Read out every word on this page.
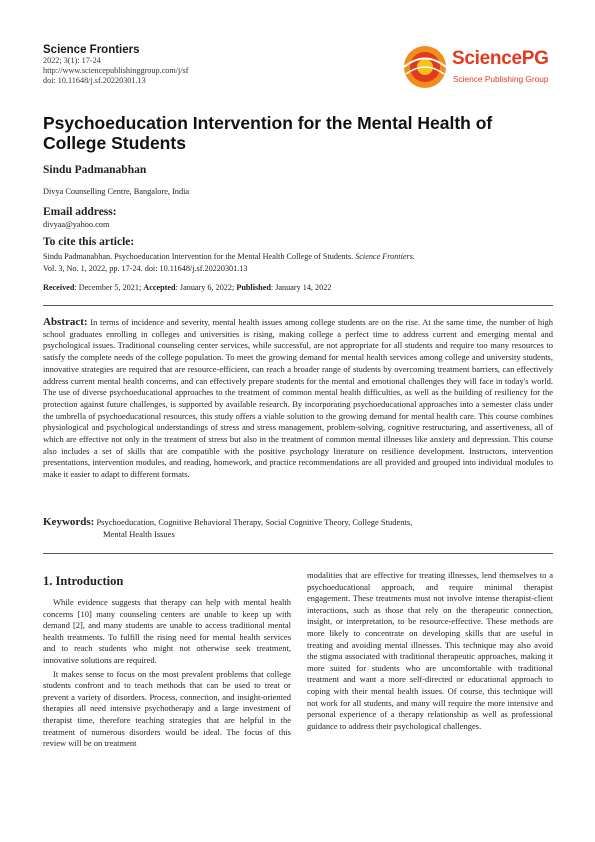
Science Frontiers
2022; 3(1): 17-24
http://www.sciencepublishinggroup.com/j/sf
doi: 10.11648/j.sf.20220301.13
SciencePG
Science Publishing Group
Psychoeducation Intervention for the Mental Health of College Students
Sindu Padmanabhan
Divya Counselling Centre, Bangalore, India
Email address:
divyaa@yahoo.com
To cite this article:
Sindu Padmanabhan. Psychoeducation Intervention for the Mental Health College of Students. Science Frontiers.
Vol. 3, No. 1, 2022, pp. 17-24. doi: 10.11648/j.sf.20220301.13
Received: December 5, 2021; Accepted: January 6, 2022; Published: January 14, 2022
Abstract: In terms of incidence and severity, mental health issues among college students are on the rise. At the same time, the number of high school graduates enrolling in colleges and universities is rising, making college a perfect time to address current and emerging mental and psychological issues. Traditional counseling center services, while successful, are not appropriate for all students and require too many resources to satisfy the complete needs of the college population. To meet the growing demand for mental health services among college and university students, innovative strategies are required that are resource-efficient, can reach a broader range of students by overcoming treatment barriers, can effectively address current mental health concerns, and can effectively prepare students for the mental and emotional challenges they will face in today's world. The use of diverse psychoeducational approaches to the treatment of common mental health difficulties, as well as the building of resiliency for the protection against future challenges, is supported by available research. By incorporating psychoeducational approaches into a semester class under the umbrella of psychoeducational resources, this study offers a viable solution to the growing demand for mental health care. This course combines physiological and psychological understandings of stress and stress management, problem-solving, cognitive restructuring, and assertiveness, all of which are effective not only in the treatment of stress but also in the treatment of common mental illnesses like anxiety and depression. This course also includes a set of skills that are compatible with the positive psychology literature on resilience development. Instructors, intervention presentations, intervention modules, and reading, homework, and practice recommendations are all provided and grouped into individual modules to make it easier to adapt to different formats.
Keywords: Psychoeducation, Cognitive Behavioral Therapy, Social Cognitive Theory, College Students,
Mental Health Issues
1. Introduction

While evidence suggests that therapy can help with mental health concerns [10] many counseling centers are unable to keep up with demand [2], and many students are unable to access traditional mental health treatments. To fulfill the rising need for mental health services and to reach students who might not otherwise seek treatment, innovative solutions are required.

It makes sense to focus on the most prevalent problems that college students confront and to teach methods that can be used to treat or prevent a variety of disorders. Process, connection, and insight-oriented therapies all need intensive psychotherapy and a large investment of therapist time, therefore teaching strategies that are helpful in the treatment of numerous disorders would be ideal. The focus of this review will be on treatment

modalities that are effective for treating illnesses, lend themselves to a psychoeducational approach, and require minimal therapist engagement. These treatments must not involve intense therapist-client interactions, such as those that rely on the therapeutic connection, insight, or interpretation, to be resource-effective. These methods are more likely to concentrate on developing skills that are useful in treating and avoiding mental illnesses. This technique may also avoid the stigma associated with traditional therapeutic approaches, making it more suited for students who are uncomfortable with traditional treatment and want a more self-directed or educational approach to coping with their mental health issues. Of course, this technique will not work for all students, and many will require the more intensive and personal experience of a therapy relationship as well as professional guidance to address their psychological challenges.
